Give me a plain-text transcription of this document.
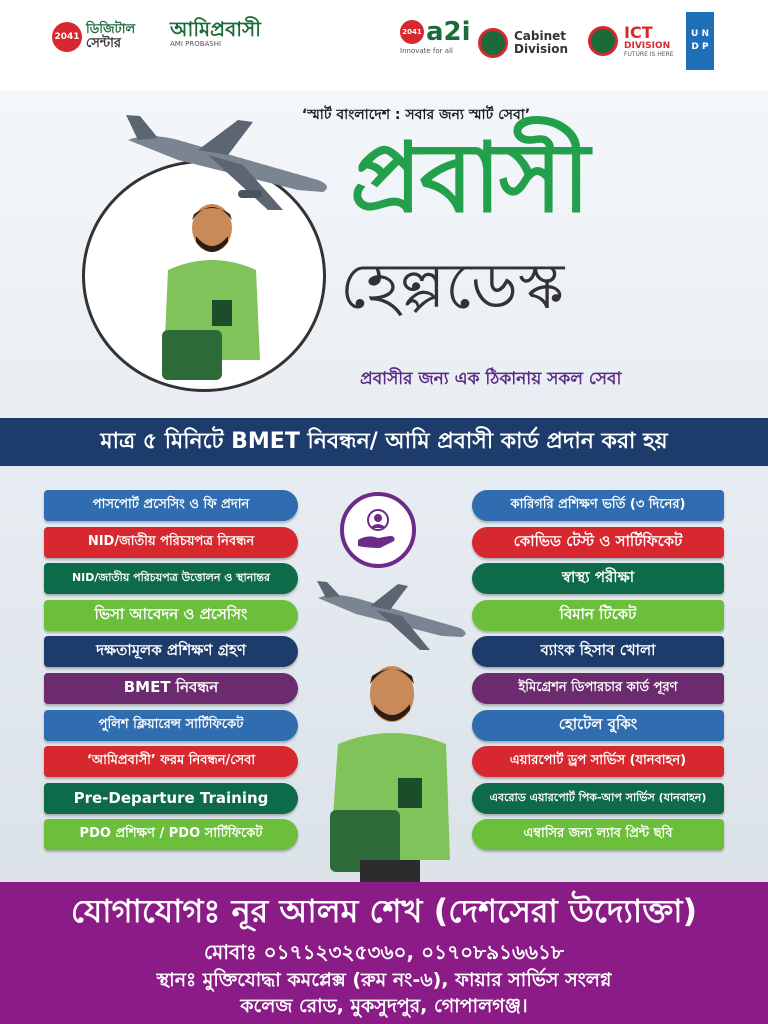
2041
ডিজিটাল
সেন্টার
আমিপ্রবাসী
AMI PROBASHI
2041 a2i
Innovate for all
Cabinet
Division
ICT
DIVISION
FUTURE IS HERE
U N D P
‘স্মার্ট বাংলাদেশ : সবার জন্য স্মার্ট সেবা’
প্রবাসী
হেল্পডেস্ক
প্রবাসীর জন্য এক ঠিকানায় সকল সেবা
মাত্র ৫ মিনিটে BMET নিবন্ধন/ আমি প্রবাসী কার্ড প্রদান করা হয়
পাসপোর্ট প্রসেসিং ও ফি প্রদান
NID/জাতীয় পরিচয়পত্র নিবন্ধন
NID/জাতীয় পরিচয়পত্র উত্তোলন ও স্থানান্তর
ভিসা আবেদন ও প্রসেসিং
দক্ষতামূলক প্রশিক্ষণ গ্রহণ
BMET নিবন্ধন
পুলিশ ক্লিয়ারেন্স সার্টিফিকেট
‘আমিপ্রবাসী’ ফরম নিবন্ধন/সেবা
Pre-Departure Training
PDO প্রশিক্ষণ / PDO সার্টিফিকেট
কারিগরি প্রশিক্ষণ ভর্তি (৩ দিনের)
কোভিড টেস্ট ও সার্টিফিকেট
স্বাস্থ্য পরীক্ষা
বিমান টিকেট
ব্যাংক হিসাব খোলা
ইমিগ্রেশন ডিপারচার কার্ড পূরণ
হোটেল বুকিং
এয়ারপোর্ট ড্রপ সার্ভিস (যানবাহন)
এবরোড এয়ারপোর্ট পিক-আপ সার্ভিস (যানবাহন)
এম্বাসির জন্য ল্যাব প্রিন্ট ছবি
যোগাযোগঃ নূর আলম শেখ (দেশসেরা উদ্যোক্তা)
মোবাঃ ০১৭১২৩২৫৩৬০, ০১৭০৮৯১৬৬১৮
স্থানঃ মুক্তিযোদ্ধা কমপ্লেক্স (রুম নং-৬), ফায়ার সার্ভিস সংলগ্ন
কলেজ রোড, মুকসুদপুর, গোপালগঞ্জ।
